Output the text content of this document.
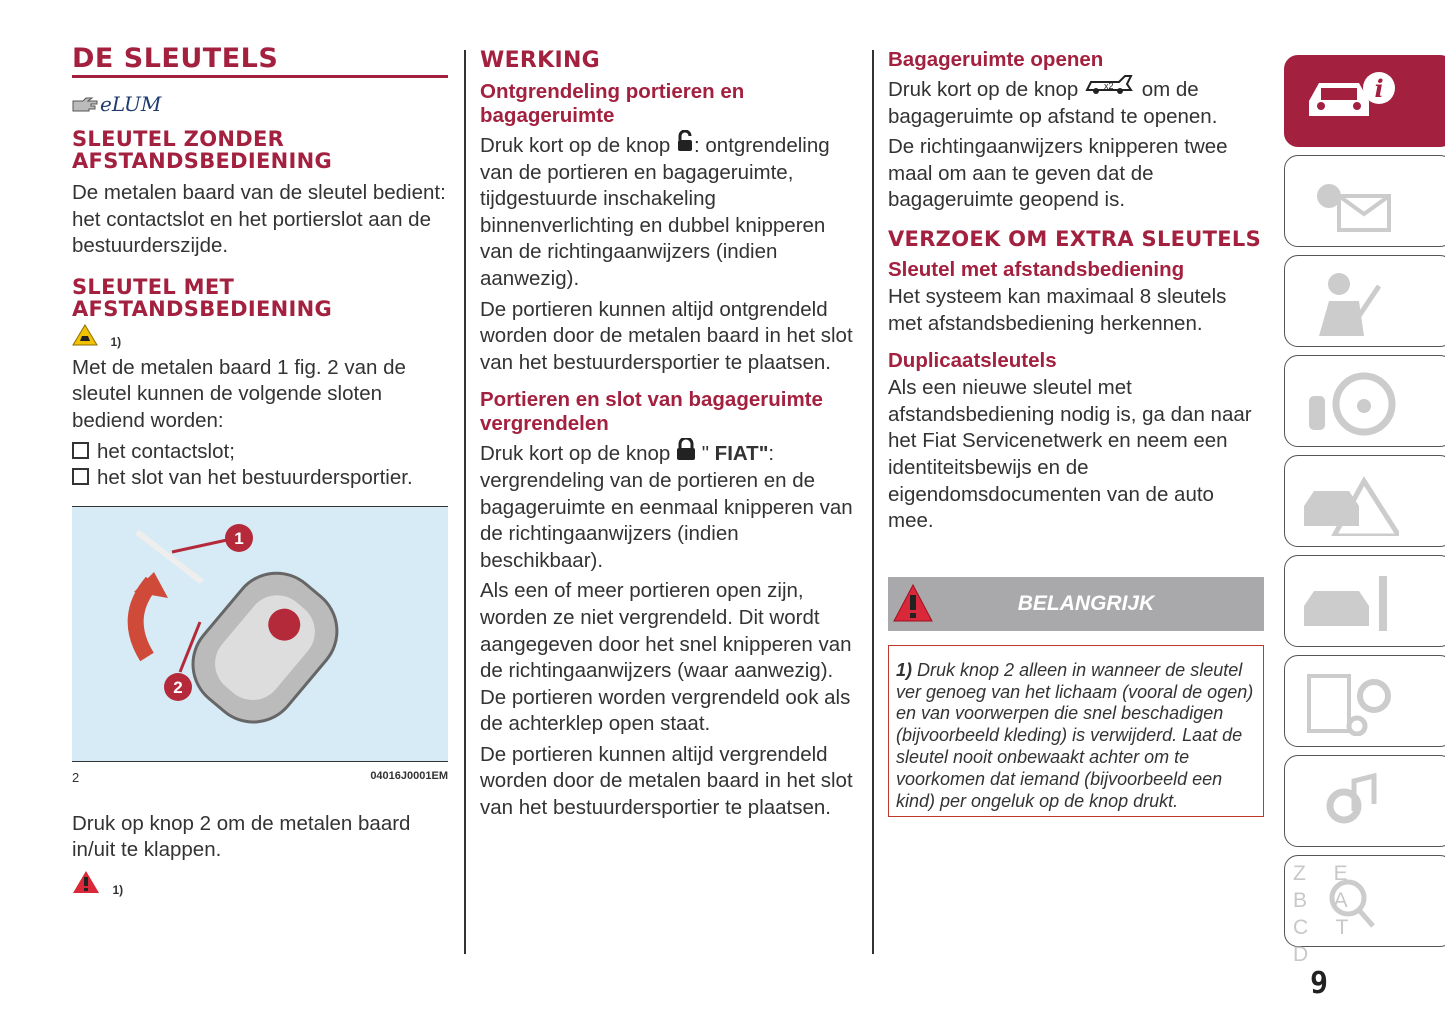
DE SLEUTELS
eLUM
SLEUTEL ZONDER AFSTANDSBEDIENING

De metalen baard van de sleutel bedient: het contactslot en het portierslot aan de bestuurderszijde.

SLEUTEL MET AFSTANDSBEDIENING
1)

Met de metalen baard 1 fig. 2 van de sleutel kunnen de volgende sloten bediend worden:

het contactslot;
het slot van het bestuurdersportier.
1
2
2	04016J0001EM

Druk op knop 2 om de metalen baard in/uit te klappen.

1)
WERKING
Ontgrendeling portieren en bagageruimte

Druk kort op de knop : ontgrendeling van de portieren en bagageruimte, tijdgestuurde inschakeling binnenverlichting en dubbel knipperen van de richtingaanwijzers (indien aanwezig).

De portieren kunnen altijd ontgrendeld worden door de metalen baard in het slot van het bestuurdersportier te plaatsen.

Portieren en slot van bagageruimte vergrendelen

Druk kort op de knop  " FIAT": vergrendeling van de portieren en de bagageruimte en eenmaal knipperen van de richtingaanwijzers (indien beschikbaar).

Als een of meer portieren open zijn, worden ze niet vergrendeld. Dit wordt aangegeven door het snel knipperen van de richtingaanwijzers (waar aanwezig). De portieren worden vergrendeld ook als de achterklep open staat.

De portieren kunnen altijd vergrendeld worden door de metalen baard in het slot van het bestuurdersportier te plaatsen.

Bagageruimte openen

Druk kort op de knop	x2 om de bagageruimte op afstand te openen.

De richtingaanwijzers knipperen twee maal om aan te geven dat de bagageruimte geopend is.

VERZOEK OM EXTRA SLEUTELS
Sleutel met afstandsbediening

Het systeem kan maximaal 8 sleutels met afstandsbediening herkennen.

Duplicaatsleutels

Als een nieuwe sleutel met afstandsbediening nodig is, ga dan naar het Fiat Servicenetwerk en neem een identiteitsbewijs en de eigendomsdocumenten van de auto mee.

BELANGRIJK
1) Druk knop 2 alleen in wanneer de sleutel ver genoeg van het lichaam (vooral de ogen) en van voorwerpen die snel beschadigen (bijvoorbeeld kleding) is verwijderd. Laat de sleutel nooit onbewaakt achter om te voorkomen dat iemand (bijvoorbeeld een kind) per ongeluk op de knop drukt.
i
Z E B A C T D
9
